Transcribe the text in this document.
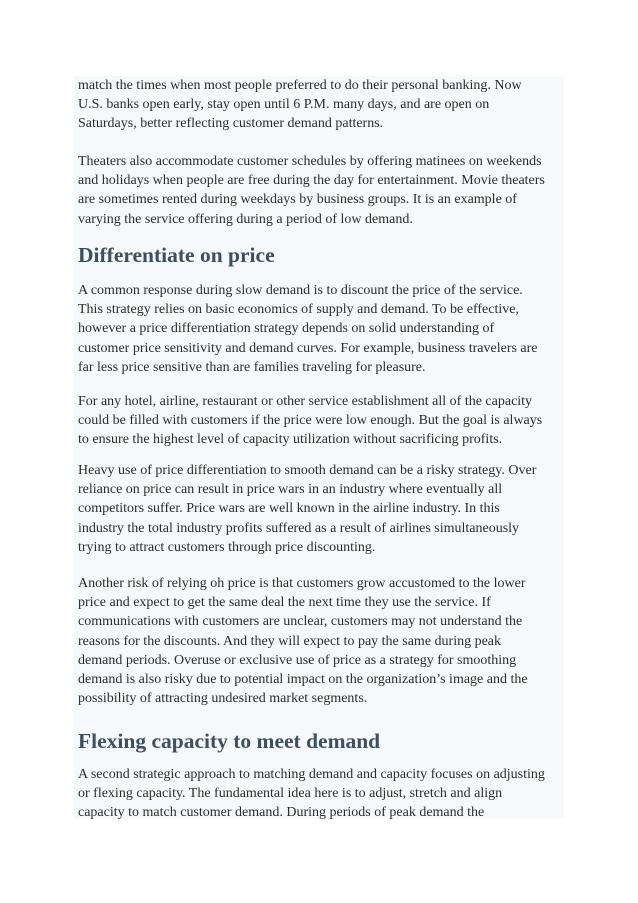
match the times when most people preferred to do their personal banking. Now
U.S. banks open early, stay open until 6 P.M. many days, and are open on
Saturdays, better reflecting customer demand patterns.
Theaters also accommodate customer schedules by offering matinees on weekends
and holidays when people are free during the day for entertainment. Movie theaters
are sometimes rented during weekdays by business groups. It is an example of
varying the service offering during a period of low demand.
Differentiate on price
A common response during slow demand is to discount the price of the service.
This strategy relies on basic economics of supply and demand. To be effective,
however a price differentiation strategy depends on solid understanding of
customer price sensitivity and demand curves. For example, business travelers are
far less price sensitive than are families traveling for pleasure.
For any hotel, airline, restaurant or other service establishment all of the capacity
could be filled with customers if the price were low enough. But the goal is always
to ensure the highest level of capacity utilization without sacrificing profits.
Heavy use of price differentiation to smooth demand can be a risky strategy. Over
reliance on price can result in price wars in an industry where eventually all
competitors suffer. Price wars are well known in the airline industry. In this
industry the total industry profits suffered as a result of airlines simultaneously
trying to attract customers through price discounting.
Another risk of relying oh price is that customers grow accustomed to the lower
price and expect to get the same deal the next time they use the service. If
communications with customers are unclear, customers may not understand the
reasons for the discounts. And they will expect to pay the same during peak
demand periods. Overuse or exclusive use of price as a strategy for smoothing
demand is also risky due to potential impact on the organization’s image and the
possibility of attracting undesired market segments.
Flexing capacity to meet demand
A second strategic approach to matching demand and capacity focuses on adjusting
or flexing capacity. The fundamental idea here is to adjust, stretch and align
capacity to match customer demand. During periods of peak demand the
